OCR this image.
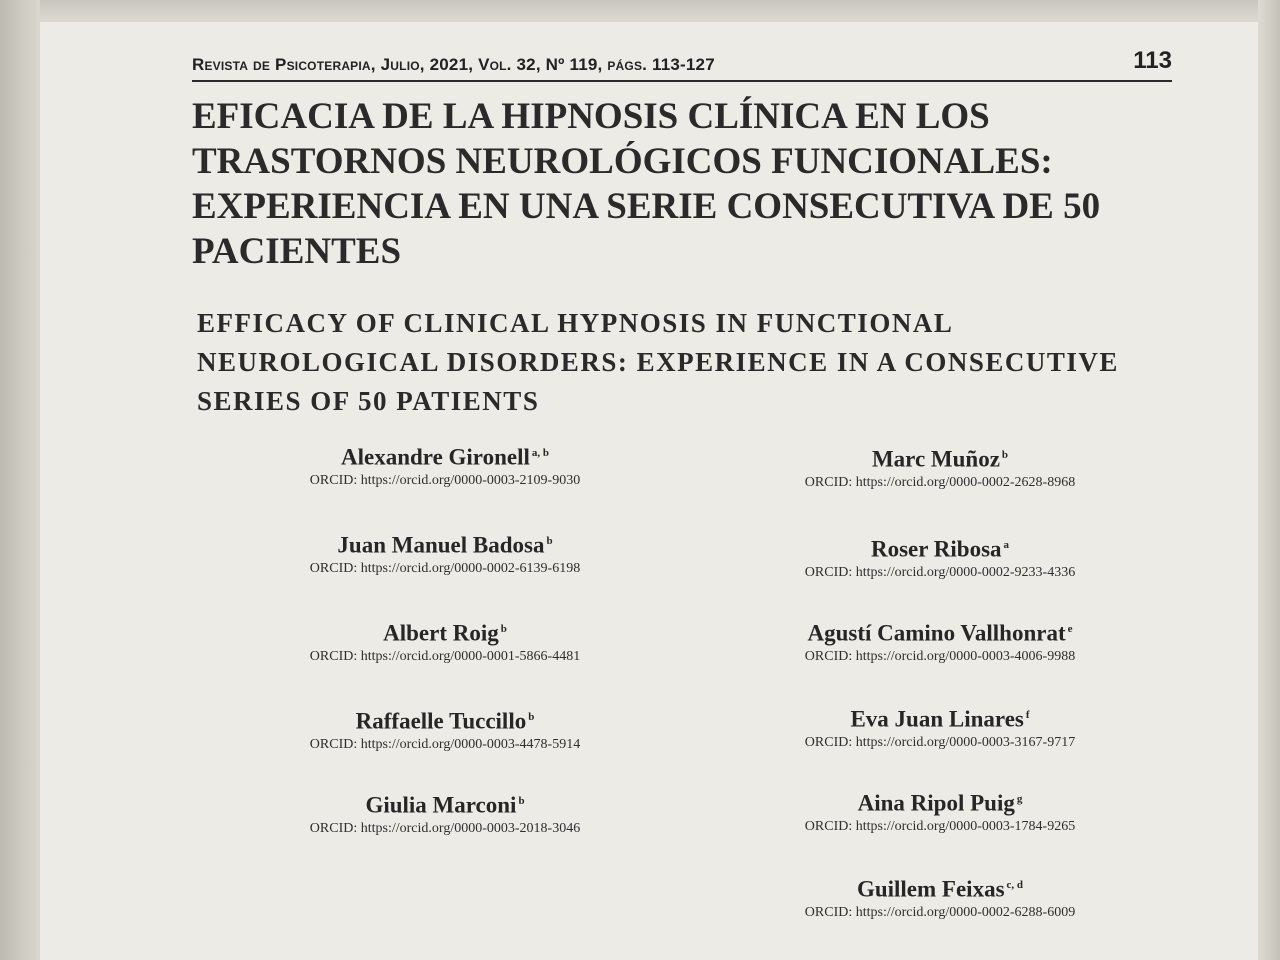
Revista de Psicoterapia, Julio, 2021, Vol. 32, Nº 119, págs. 113-127	113
EFICACIA DE LA HIPNOSIS CLÍNICA EN LOS TRASTORNOS NEUROLÓGICOS FUNCIONALES: EXPERIENCIA EN UNA SERIE CONSECUTIVA DE 50 PACIENTES
EFFICACY OF CLINICAL HYPNOSIS IN FUNCTIONAL NEUROLOGICAL DISORDERS: EXPERIENCE IN A CONSECUTIVE SERIES OF 50 PATIENTS
Alexandre Gironell $^{a, b}$
ORCID: https://orcid.org/0000-0003-2109-9030
Juan Manuel Badosa $^b$
ORCID: https://orcid.org/0000-0002-6139-6198
Albert Roig $^b$
ORCID: https://orcid.org/0000-0001-5866-4481
Raffaelle Tuccillo $^b$
ORCID: https://orcid.org/0000-0003-4478-5914
Giulia Marconi $^b$
ORCID: https://orcid.org/0000-0003-2018-3046
Marc Muñoz $^b$
ORCID: https://orcid.org/0000-0002-2628-8968
Roser Ribosa $^a$
ORCID: https://orcid.org/0000-0002-9233-4336
Agustí Camino Vallhonrat $^e$
ORCID: https://orcid.org/0000-0003-4006-9988
Eva Juan Linares $^f$
ORCID: https://orcid.org/0000-0003-3167-9717
Aina Ripol Puig $^g$
ORCID: https://orcid.org/0000-0003-1784-9265
Guillem Feixas $^{c, d}$
ORCID: https://orcid.org/0000-0002-6288-6009
